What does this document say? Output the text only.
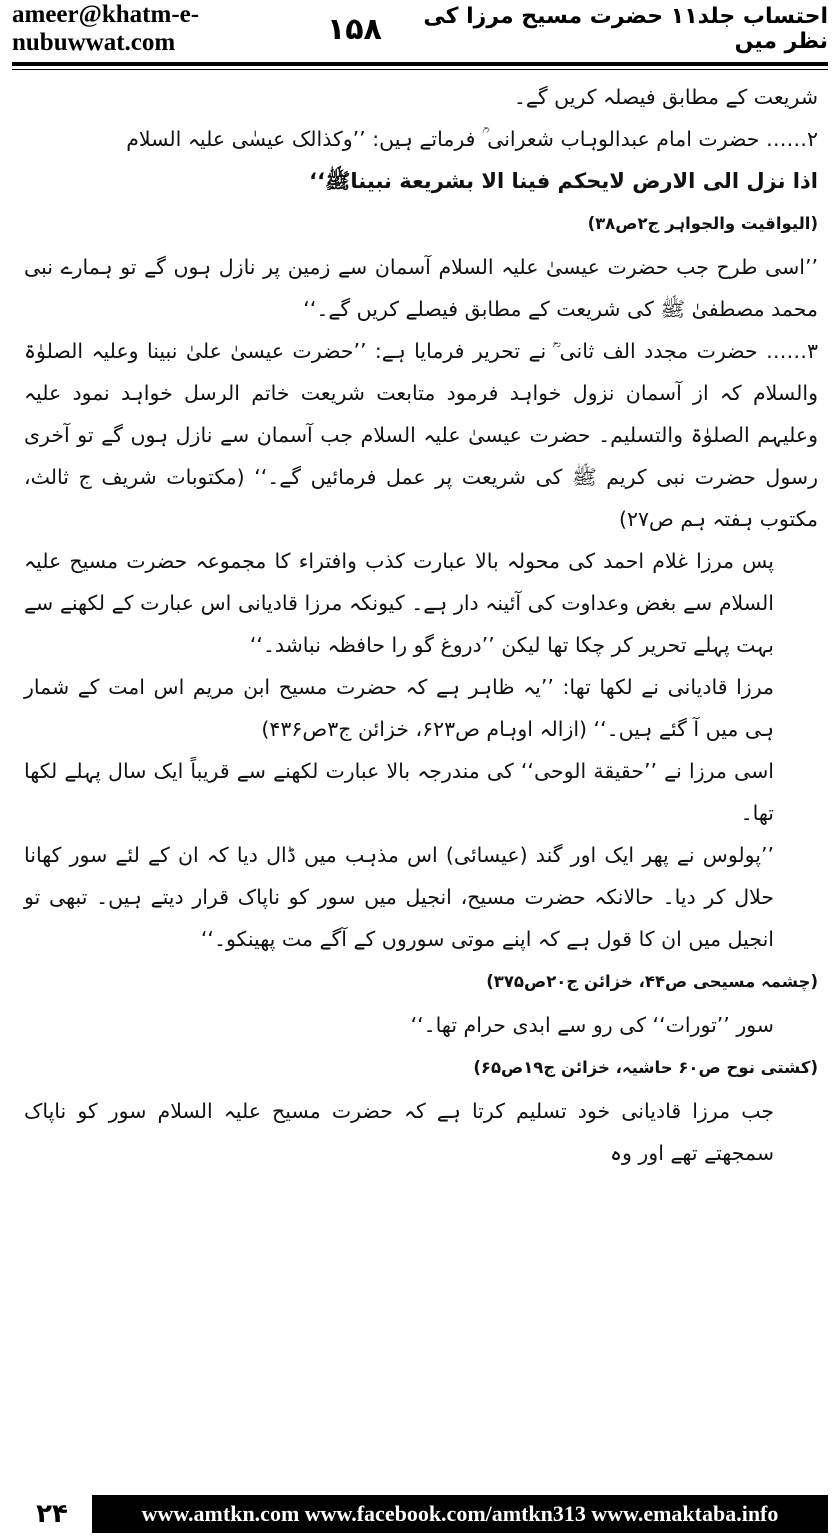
ameer@khatm-e-nubuwwat.com	۱۵۸	احتساب جلد۱۱ حضرت مسیح مرزا کی نظر میں

شریعت کے مطابق فیصلہ کریں گے۔

۲…… حضرت امام عبدالوہاب شعرانی ؒ فرماتے ہیں: ’’وکذالک عیسٰی علیہ السلام

اذا نزل الی الارض لایحکم فینا الا بشریعة نبیناﷺ‘‘

(الیواقیت والجواہر ج۲ص۳۸)

’’اسی طرح جب حضرت عیسیٰ علیہ السلام آسمان سے زمین پر نازل ہوں گے تو ہمارے نبی محمد مصطفیٰ ﷺ کی شریعت کے مطابق فیصلے کریں گے۔‘‘

۳…… حضرت مجدد الف ثانی ؒ نے تحریر فرمایا ہے: ’’حضرت عیسیٰ علیٰ نبینا وعلیہ الصلوٰۃ والسلام کہ از آسمان نزول خواہد فرمود متابعت شریعت خاتم الرسل خواہد نمود علیہ وعلیہم الصلوٰۃ والتسلیم۔ حضرت عیسیٰ علیہ السلام جب آسمان سے نازل ہوں گے تو آخری رسول حضرت نبی کریم ﷺ کی شریعت پر عمل فرمائیں گے۔‘‘ (مکتوبات شریف ج ثالث، مکتوب ہفتہ ہم ص۲۷)

پس مرزا غلام احمد کی محولہ بالا عبارت کذب وافتراء کا مجموعہ حضرت مسیح علیہ السلام سے بغض وعداوت کی آئینہ دار ہے۔ کیونکہ مرزا قادیانی اس عبارت کے لکھنے سے بہت پہلے تحریر کر چکا تھا لیکن ’’دروغ گو را حافظہ نباشد۔‘‘

مرزا قادیانی نے لکھا تھا: ’’یہ ظاہر ہے کہ حضرت مسیح ابن مریم اس امت کے شمار ہی میں آ گئے ہیں۔‘‘ (ازالہ اوہام ص۶۲۳، خزائن ج۳ص۴۳۶)

اسی مرزا نے ’’حقیقة الوحی‘‘ کی مندرجہ بالا عبارت لکھنے سے قریباً ایک سال پہلے لکھا تھا۔

’’پولوس نے پھر ایک اور گند (عیسائی) اس مذہب میں ڈال دیا کہ ان کے لئے سور کھانا حلال کر دیا۔ حالانکہ حضرت مسیح، انجیل میں سور کو ناپاک قرار دیتے ہیں۔ تبھی تو انجیل میں ان کا قول ہے کہ اپنے موتی سوروں کے آگے مت پھینکو۔‘‘

(چشمہ مسیحی ص۴۴، خزائن ج۲۰ص۳۷۵)

سور ’’تورات‘‘ کی رو سے ابدی حرام تھا۔‘‘

(کشتی نوح ص۶۰ حاشیہ، خزائن ج۱۹ص۶۵)

جب مرزا قادیانی خود تسلیم کرتا ہے کہ حضرت مسیح علیہ السلام سور کو ناپاک سمجھتے تھے اور وہ

۲۴	www.amtkn.com www.facebook.com/amtkn313 www.emaktaba.info
